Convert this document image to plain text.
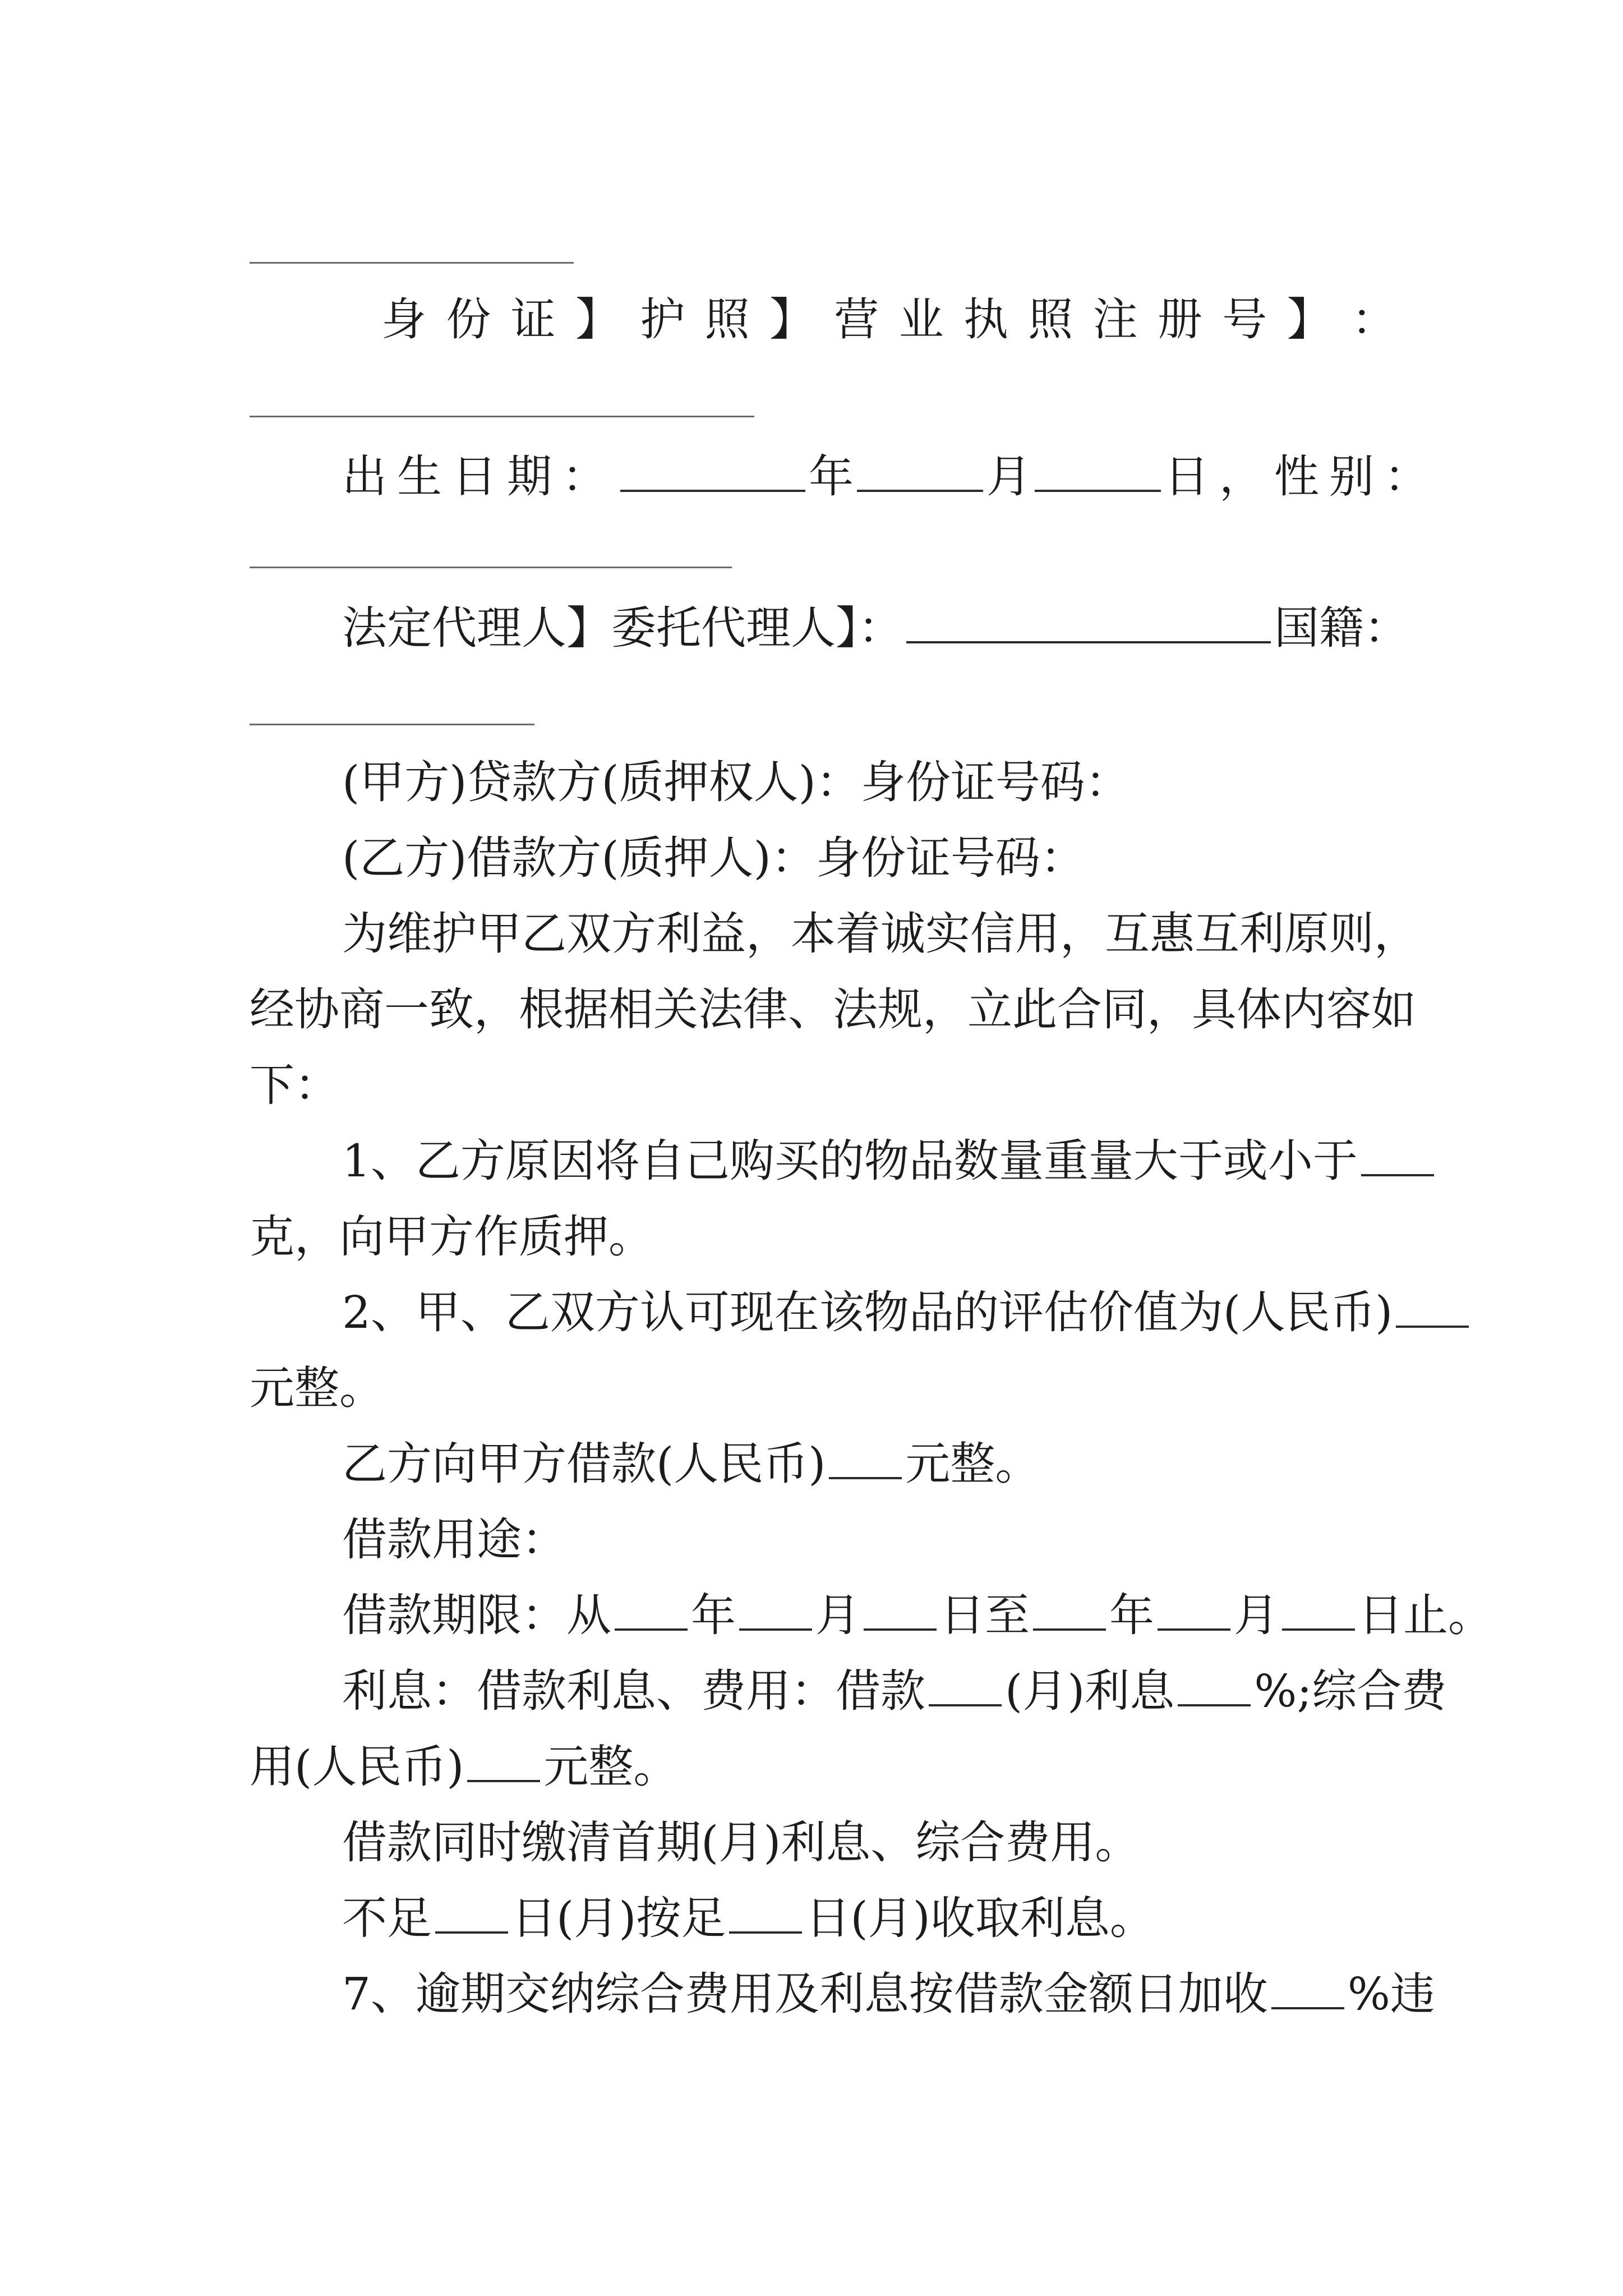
身 份 证 】 护 照 】 营 业 执 照 注 册 号 】 ：
出生日期：	年	月	日，性别：
法定代理人】委托代理人】：	国籍：
(甲方)贷款方(质押权人)：身份证号码：
(乙方)借款方(质押人)：身份证号码：
为维护甲乙双方利益，本着诚实信用，互惠互利原则，
经协商一致，根据相关法律、法规，立此合同，具体内容如
下：
1、乙方原因将自己购买的物品数量重量大于或小于
克，向甲方作质押。
2、甲、乙双方认可现在该物品的评估价值为(人民币)
元整。
乙方向甲方借款(人民币) 元整。
借款用途：
借款期限：从 年 月 日至 年 月 日止。
利息：借款利息、费用：借款 (月)利息 %;综合费
用(人民币) 元整。
借款同时缴清首期(月)利息、综合费用。
不足 日(月)按足 日(月)收取利息。
7、逾期交纳综合费用及利息按借款金额日加收 %违
